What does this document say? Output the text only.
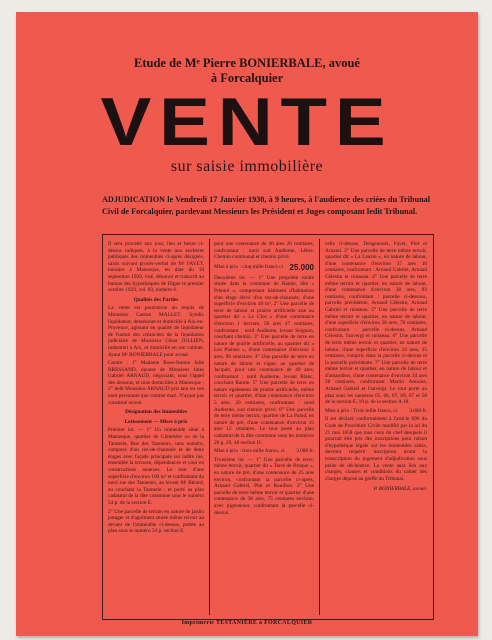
Etude de Mᵉ Pierre BONIERBALE, avoué
à Forcalquier
VENTE
sur saisie immobilière
ADJUDICATION le Vendredi 17 Janvier 1930, à 9 heures, à l'audience des criées du Tribunal Civil de Forcalquier, pardevant Messieurs les Président et Juges composant ledit Tribunal.

Il sera procédé aux jour, lieu et heure ci-dessus indiqués, à la vente aux enchères publiques des immeubles ci-après désignés, saisis suivant procès-verbal de Mᵉ FAYET, huissier à Manosque, en date du 18 septembre 1929, visé, dénoncé et transcrit au bureau des hypothèques de Digne le premier octobre 1929, vol. 83, numéro 6.

Qualités des Parties

La vente est poursuivie au requis de Monsieur Gaston MALLET, Syndic liquidateur, demeurant et domicilié à Aix-en-Provence, agissant en qualité de liquidateur de l'union des créanciers de la liquidation judiciaire de Monsieur César JULLIEN, industriel à Aix, et domicilié en son cabinet. Ayant Mᵉ BONIERBALE pour avoué.

Contre : 1° Madame Rose-Jeanne Julie BRESSAND, épouse de Monsieur Jules Gabriel ARNAUD, négociant, sous l'appel des dessous, et tous domiciliés à Manosque ; 2° ledit Monsieur ARNAUD pris tant en son nom personnel que comme mari. N'ayant pas constitué avoué.

Désignation des Immeubles
Lotissement — Mises à prix

Premier lot. — 1° Un immeuble situé à Manosque, quartier de Cimetière ou de la Tannerie, Rue des Tanneurs, sans numéro, composé d'un rez-de-chaussée et de deux étages avec façade principale sur ladite rue, ensemble la terrasse, dépendances et cour en constructions annexes. Le tout d'une superficie d'environ 100 m² et confrontant du nord rue des Tanneurs, au levant Mᵉ Bérard, au couchant la Tannerie ; et porté au plan cadastral de la dite commune sous le numéro 54 p. de la section E.

2° Une parcelle de terrain en nature de jardin potager et d'agrément située même terroir au devant de l'immeuble ci-dessus, portée au plan sous le numéro 54 p. section E.

pour une contenance de 46 ares 20 centiares, confrontant : nord sud Audierne, Lèbre. Chemin communal et chemin privé.

Mise à prix : cinq mille francs ci 25.000

Deuxième lot. — 1° Une propriété rurale située dans la commune de Ramie, dite « Prieuré », comprenant bâtiment d'habitation d'un étage élevé d'un rez-de-chaussée, d'une superficie d'environ 40 m². 2° Une parcelle de terre de labour et prairie artificielle sise au quartier dit « Le Clos » d'une contenance d'environ 1 hectare, 58 ares 47 centiares, confrontant : nord Audierne, levant Seignon, couchant chemin. 3° Une parcelle de terre en nature de prairie artificielle, au quartier dit « Les Plaines », d'une contenance d'environ 4 ares, 96 centiares. 4° Une parcelle de terre en nature de labour et vigne, au quartier de Jacquet, pour une contenance de 49 ares, confrontant : nord Audierne, levant Blanc, couchant Ramie. 5° Une parcelle de terre en nature également de prairie artificielle, même terroir et quartier, d'une contenance d'environ 5 ares, 20 centiares, confrontant : nord Audierne, sud chemin privé. 6° Une parcelle de terre même terroir, quartier de La Palud, en nature de pré, d'une contenance d'environ 15 ares 12 centiares. Le tout porté au plan cadastral de la dite commune sous les numéros 28 p, 29, 48 section D.

Mise à prix : trois mille francs, ci 3.000 fr.

Troisième lot. — 1° Une parcelle de terre, même terroir, quartier dit « Terre de Braque », en nature de pré, d'une contenance de 25 ares environ, confrontant la parcelle ci-après, Arnaud Gabriel, Plot et Rouillon. 2° Une parcelle de terre même terroir et quartier d'une contenance de 38 ares, 75 centiares environ, avec pigeonnier, confrontant la parcelle ci-dessus.

celle ci-dessus, Desgenoulx, Fayet, Plot et Arnaud. 3° Une parcelle de terre même terroir, quartier dit « La Lauzie », en nature de labour, d'une contenance d'environ 37 ares 16 centiares, confrontant : Arnaud Gabriel, Arnaud Célestin et ruisseau. 4° Une parcelle de terre même terroir et quartier, en nature de labour, d'une contenance d'environ 38 ares, 93 centiares, confrontant : parcelle ci-dessous, parcelle précédente, Arnaud Célestin, Arnaud Gabriel et ruisseau. 5° Une parcelle de terre même terroir et quartier, en nature de labour, d'une superficie d'environ 38 ares, 70 centiares, confrontant : parcelle ci-dessus, Arnaud Célestin, l'auvergt et ruisseau. 6° Une parcelle de terre même terroir et quartier, en nature de labour, d'une superficie d'environ 34 ares, 35 centiares, compris dans la parcelle ci-dessus et la parcelle précédente. 7° Une parcelle de terre même terroir et quartier, en nature de labour et d'amandiers, d'une contenance d'environ 34 ares 28 centiares, confrontant Martin Antoine, Arnaud Gabriel et l'auvergt. Le tout porté au plan sous les numéros 65, 66, 67, 68, 67 et 58 de la section E, 19 p. de la section A 18.

Mise à prix : Trois mille francs, ci 3.000 fr.

Il est déclaré conformément à l'article 696 du Code de Procédure Civile modifié par la loi du 21 mai 1858 que tous ceux du chef desquels il pourrait être pris des inscriptions pour raison d'hypothèque légale sur les immeubles saisis, devront requérir inscription avant la transcription du jugement d'adjudication sous peine de déchéance. La vente aura lieu aux charges, clauses et conditions du cahier des charges déposé au greffe du Tribunal.

P. BONIERBALE, avoué.
Imprimerie TESTANIÈRE à FORCALQUIER
